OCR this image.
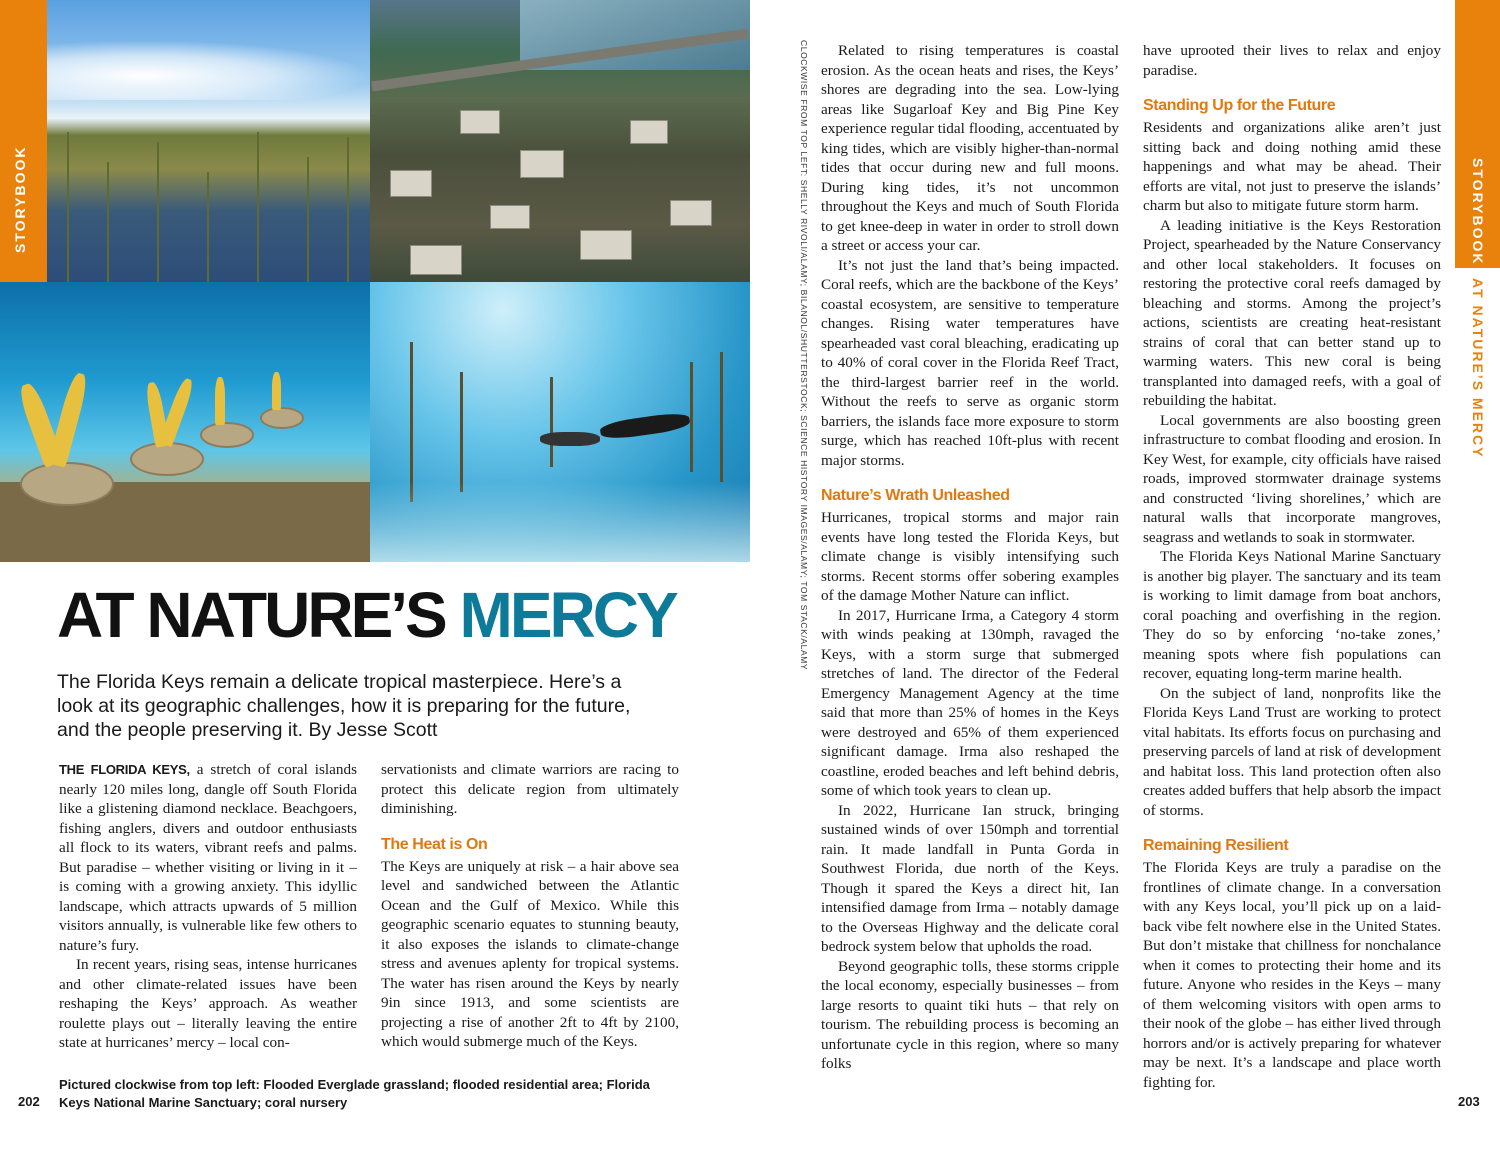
STORYBOOK	STORYBOOK
AT NATURE’S MERCY
CLOCKWISE FROM TOP LEFT: SHELLY RIVOLI/ALAMY; BILANOL/SHUTTERSTOCK; SCIENCE HISTORY IMAGES/ALAMY; TOM STACK/ALAMY
AT NATURE’S MERCY
The Florida Keys remain a delicate tropical masterpiece. Here’s a look at its geographic challenges, how it is preparing for the future, and the people preserving it. By Jesse Scott

THE FLORIDA KEYS, a stretch of coral islands nearly 120 miles long, dangle off South Florida like a glistening diamond necklace. Beachgoers, fishing anglers, divers and outdoor enthusiasts all flock to its waters, vibrant reefs and palms. But paradise – whether visiting or living in it – is coming with a growing anxiety. This idyllic landscape, which attracts upwards of 5 million visitors annually, is vulnerable like few others to nature’s fury.

In recent years, rising seas, intense hurricanes and other climate-related issues have been reshaping the Keys’ approach. As weather roulette plays out – literally leaving the entire state at hurricanes’ mercy – local con-

servationists and climate warriors are racing to protect this delicate region from ultimately diminishing.

The Heat is On

The Keys are uniquely at risk – a hair above sea level and sandwiched between the Atlantic Ocean and the Gulf of Mexico. While this geographic scenario equates to stunning beauty, it also exposes the islands to climate-change stress and avenues aplenty for tropical systems. The water has risen around the Keys by nearly 9in since 1913, and some scientists are projecting a rise of another 2ft to 4ft by 2100, which would submerge much of the Keys.

Related to rising temperatures is coastal erosion. As the ocean heats and rises, the Keys’ shores are degrading into the sea. Low-lying areas like Sugarloaf Key and Big Pine Key experience regular tidal flooding, accentuated by king tides, which are visibly higher-than-normal tides that occur during new and full moons. During king tides, it’s not uncommon throughout the Keys and much of South Florida to get knee-deep in water in order to stroll down a street or access your car.

It’s not just the land that’s being impacted. Coral reefs, which are the backbone of the Keys’ coastal ecosystem, are sensitive to temperature changes. Rising water temperatures have spearheaded vast coral bleaching, eradicating up to 40% of coral cover in the Florida Reef Tract, the third-largest barrier reef in the world. Without the reefs to serve as organic storm barriers, the islands face more exposure to storm surge, which has reached 10ft-plus with recent major storms.

Nature’s Wrath Unleashed

Hurricanes, tropical storms and major rain events have long tested the Florida Keys, but climate change is visibly intensifying such storms. Recent storms offer sobering examples of the damage Mother Nature can inflict.

In 2017, Hurricane Irma, a Category 4 storm with winds peaking at 130mph, ravaged the Keys, with a storm surge that submerged stretches of land. The director of the Federal Emergency Management Agency at the time said that more than 25% of homes in the Keys were destroyed and 65% of them experienced significant damage. Irma also reshaped the coastline, eroded beaches and left behind debris, some of which took years to clean up.

In 2022, Hurricane Ian struck, bringing sustained winds of over 150mph and torrential rain. It made landfall in Punta Gorda in Southwest Florida, due north of the Keys. Though it spared the Keys a direct hit, Ian intensified damage from Irma – notably damage to the Overseas Highway and the delicate coral bedrock system below that upholds the road.

Beyond geographic tolls, these storms cripple the local economy, especially businesses – from large resorts to quaint tiki huts – that rely on tourism. The rebuilding process is becoming an unfortunate cycle in this region, where so many folks

have uprooted their lives to relax and enjoy paradise.

Standing Up for the Future

Residents and organizations alike aren’t just sitting back and doing nothing amid these happenings and what may be ahead. Their efforts are vital, not just to preserve the islands’ charm but also to mitigate future storm harm.

A leading initiative is the Keys Restoration Project, spearheaded by the Nature Conservancy and other local stakeholders. It focuses on restoring the protective coral reefs damaged by bleaching and storms. Among the project’s actions, scientists are creating heat-resistant strains of coral that can better stand up to warming waters. This new coral is being transplanted into damaged reefs, with a goal of rebuilding the habitat.

Local governments are also boosting green infrastructure to combat flooding and erosion. In Key West, for example, city officials have raised roads, improved stormwater drainage systems and constructed ‘living shorelines,’ which are natural walls that incorporate mangroves, seagrass and wetlands to soak in stormwater.

The Florida Keys National Marine Sanctuary is another big player. The sanctuary and its team is working to limit damage from boat anchors, coral poaching and overfishing in the region. They do so by enforcing ‘no-take zones,’ meaning spots where fish populations can recover, equating long-term marine health.

On the subject of land, nonprofits like the Florida Keys Land Trust are working to protect vital habitats. Its efforts focus on purchasing and preserving parcels of land at risk of development and habitat loss. This land protection often also creates added buffers that help absorb the impact of storms.

Remaining Resilient

The Florida Keys are truly a paradise on the frontlines of climate change. In a conversation with any Keys local, you’ll pick up on a laid-back vibe felt nowhere else in the United States. But don’t mistake that chillness for nonchalance when it comes to protecting their home and its future. Anyone who resides in the Keys – many of them welcoming visitors with open arms to their nook of the globe – has either lived through horrors and/or is actively preparing for whatever may be next. It’s a landscape and place worth fighting for.

Pictured clockwise from top left: Flooded Everglade grassland; flooded residential area; Florida Keys National Marine Sanctuary; coral nursery
202	203
